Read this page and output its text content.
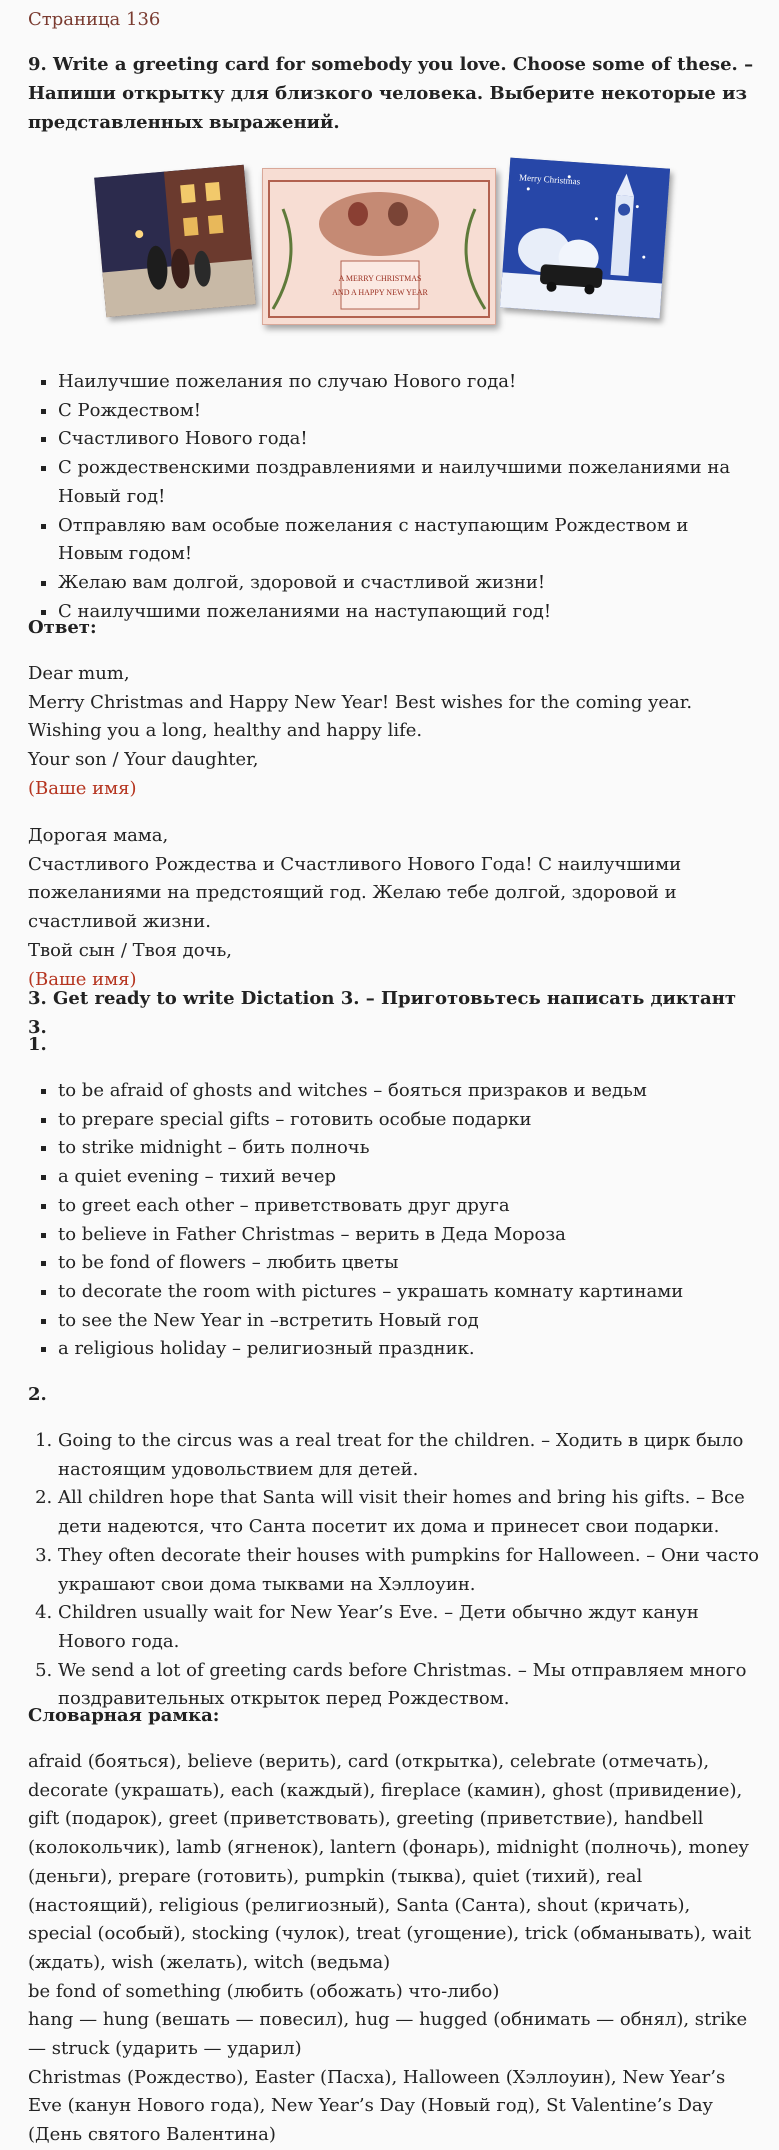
Страница 136
9. Write a greeting card for somebody you love. Choose some of these. – Напиши открытку для близкого человека. Выберите некоторые из представленных выражений.
A MERRY CHRISTMAS
AND A HAPPY NEW YEAR
Merry Christmas
▪ Наилучшие пожелания по случаю Нового года!
▪ С Рождеством!
▪ Счастливого Нового года!
▪ С рождественскими поздравлениями и наилучшими пожеланиями на Новый год!
▪ Отправляю вам особые пожелания с наступающим Рождеством и Новым годом!
▪ Желаю вам долгой, здоровой и счастливой жизни!
▪ С наилучшими пожеланиями на наступающий год!
Ответ:

Dear mum,

Merry Christmas and Happy New Year! Best wishes for the coming year. Wishing you a long, healthy and happy life.

Your son / Your daughter,

(Ваше имя)

Дорогая мама,

Счастливого Рождества и Счастливого Нового Года! С наилучшими пожеланиями на предстоящий год. Желаю тебе долгой, здоровой и счастливой жизни.

Твой сын / Твоя дочь,

(Ваше имя)

3. Get ready to write Dictation 3. – Приготовьтесь написать диктант 3.
1.
▪ to be afraid of ghosts and witches – бояться призраков и ведьм
▪ to prepare special gifts – готовить особые подарки
▪ to strike midnight – бить полночь
▪ a quiet evening – тихий вечер
▪ to greet each other – приветствовать друг друга
▪ to believe in Father Christmas – верить в Деда Мороза
▪ to be fond of flowers – любить цветы
▪ to decorate the room with pictures – украшать комнату картинами
▪ to see the New Year in –встретить Новый год
▪ a religious holiday – религиозный праздник.
2.
1. Going to the circus was a real treat for the children. – Ходить в цирк было настоящим удовольствием для детей.
2. All children hope that Santa will visit their homes and bring his gifts. – Все дети надеются, что Санта посетит их дома и принесет свои подарки.
3. They often decorate their houses with pumpkins for Halloween. – Они часто украшают свои дома тыквами на Хэллоуин.
4. Children usually wait for New Year’s Eve. – Дети обычно ждут канун Нового года.
5. We send a lot of greeting cards before Christmas. – Мы отправляем много поздравительных открыток перед Рождеством.
Словарная рамка:

afraid (бояться), believe (верить), card (открытка), celebrate (отмечать), decorate (украшать), each (каждый), fireplace (камин), ghost (привидение), gift (подарок), greet (приветствовать), greeting (приветствие), handbell (колокольчик), lamb (ягненок), lantern (фонарь), midnight (полночь), money (деньги), prepare (готовить), pumpkin (тыква), quiet (тихий), real (настоящий), religious (религиозный), Santa (Санта), shout (кричать), special (особый), stocking (чулок), treat (угощение), trick (обманывать), wait (ждать), wish (желать), witch (ведьма)

be fond of something (любить (обожать) что-либо)

hang — hung (вешать — повесил), hug — hugged (обнимать — обнял), strike — struck (ударить — ударил)

Christmas (Рождество), Easter (Пасха), Halloween (Хэллоуин), New Year’s Eve (канун Нового года), New Year’s Day (Новый год), St Valentine’s Day (День святого Валентина)
